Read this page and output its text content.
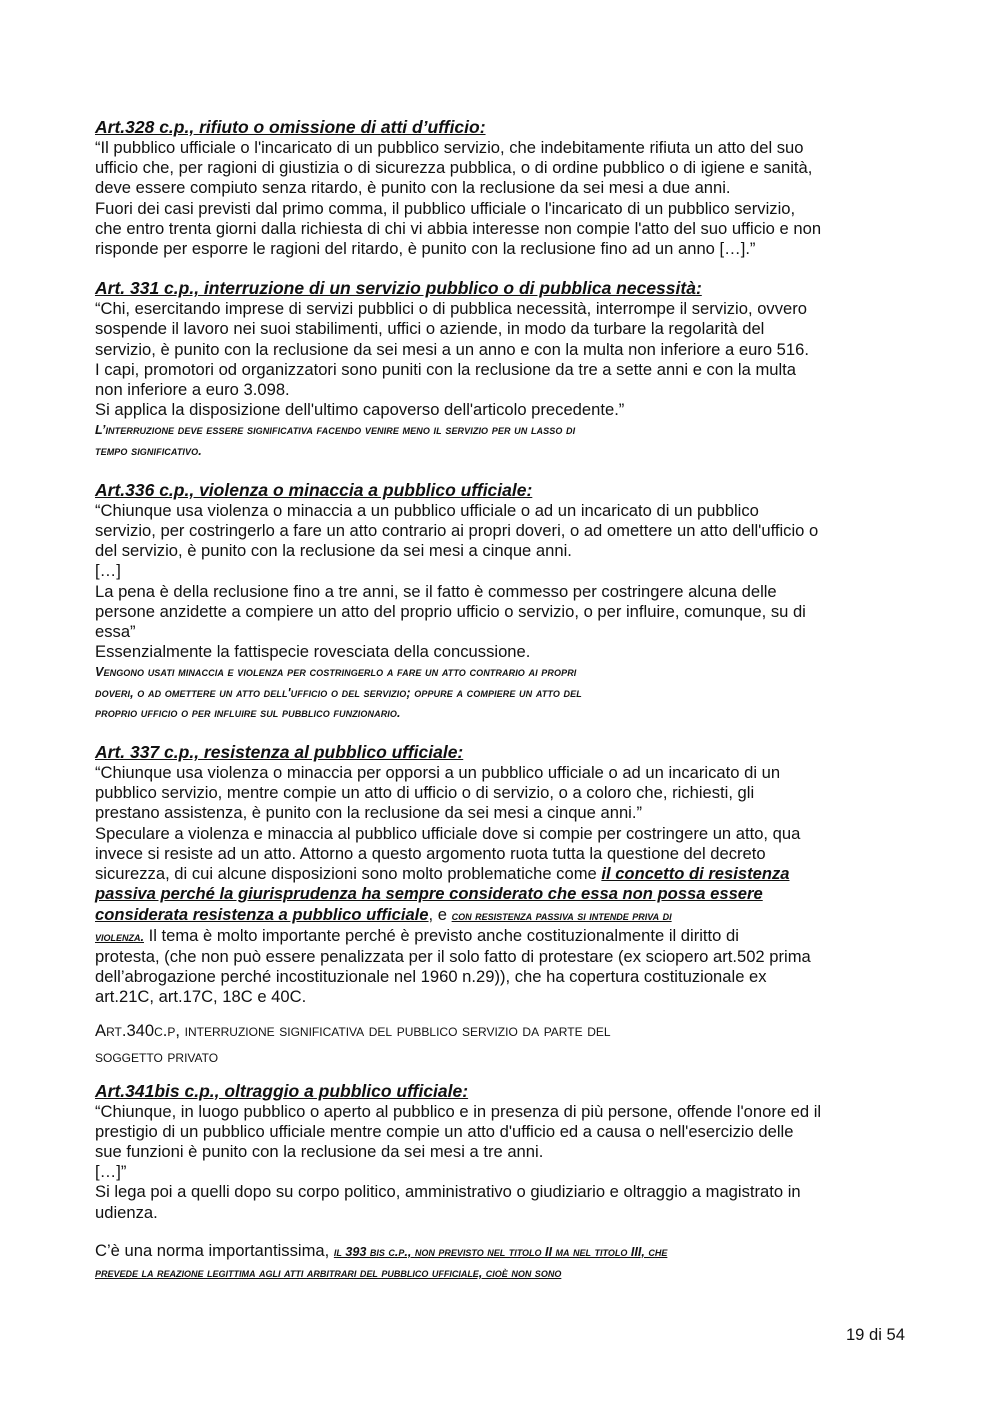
Art.328 c.p., rifiuto o omissione di atti d’ufficio:
“Il pubblico ufficiale o l'incaricato di un pubblico servizio, che indebitamente rifiuta un atto del suo
ufficio che, per ragioni di giustizia o di sicurezza pubblica, o di ordine pubblico o di igiene e sanità,
deve essere compiuto senza ritardo, è punito con la reclusione da sei mesi a due anni.
Fuori dei casi previsti dal primo comma, il pubblico ufficiale o l'incaricato di un pubblico servizio,
che entro trenta giorni dalla richiesta di chi vi abbia interesse non compie l'atto del suo ufficio e non
risponde per esporre le ragioni del ritardo, è punito con la reclusione fino ad un anno […].”
Art. 331 c.p., interruzione di un servizio pubblico o di pubblica necessità:
“Chi, esercitando imprese di servizi pubblici o di pubblica necessità, interrompe il servizio, ovvero
sospende il lavoro nei suoi stabilimenti, uffici o aziende, in modo da turbare la regolarità del
servizio, è punito con la reclusione da sei mesi a un anno e con la multa non inferiore a euro 516.
I capi, promotori od organizzatori sono puniti con la reclusione da tre a sette anni e con la multa
non inferiore a euro 3.098.
Si applica la disposizione dell'ultimo capoverso dell'articolo precedente.”
L’interruzione deve essere significativa facendo venire meno il servizio per un lasso di
tempo significativo.
Art.336 c.p., violenza o minaccia a pubblico ufficiale:
“Chiunque usa violenza o minaccia a un pubblico ufficiale o ad un incaricato di un pubblico
servizio, per costringerlo a fare un atto contrario ai propri doveri, o ad omettere un atto dell'ufficio o
del servizio, è punito con la reclusione da sei mesi a cinque anni.
[…]
La pena è della reclusione fino a tre anni, se il fatto è commesso per costringere alcuna delle
persone anzidette a compiere un atto del proprio ufficio o servizio, o per influire, comunque, su di
essa”
Essenzialmente la fattispecie rovesciata della concussione.
Vengono usati minaccia e violenza per costringerlo a fare un atto contrario ai propri
doveri, o ad omettere un atto dell'ufficio o del servizio; oppure a compiere un atto del
proprio ufficio o per influire sul pubblico funzionario.
Art. 337 c.p., resistenza al pubblico ufficiale:
“Chiunque usa violenza o minaccia per opporsi a un pubblico ufficiale o ad un incaricato di un
pubblico servizio, mentre compie un atto di ufficio o di servizio, o a coloro che, richiesti, gli
prestano assistenza, è punito con la reclusione da sei mesi a cinque anni.”
Speculare a violenza e minaccia al pubblico ufficiale dove si compie per costringere un atto, qua
invece si resiste ad un atto. Attorno a questo argomento ruota tutta la questione del decreto
sicurezza, di cui alcune disposizioni sono molto problematiche come il concetto di resistenza
passiva perché la giurisprudenza ha sempre considerato che essa non possa essere
considerata resistenza a pubblico ufficiale, e con resistenza passiva si intende priva di
violenza. Il tema è molto importante perché è previsto anche costituzionalmente il diritto di
protesta, (che non può essere penalizzata per il solo fatto di protestare (ex sciopero art.502 prima
dell’abrogazione perché incostituzionale nel 1960 n.29)), che ha copertura costituzionale ex
art.21C, art.17C, 18C e 40C.
Art.340c.p, interruzione significativa del pubblico servizio da parte del
soggetto privato
Art.341bis c.p., oltraggio a pubblico ufficiale:
“Chiunque, in luogo pubblico o aperto al pubblico e in presenza di più persone, offende l'onore ed il
prestigio di un pubblico ufficiale mentre compie un atto d'ufficio ed a causa o nell'esercizio delle
sue funzioni è punito con la reclusione da sei mesi a tre anni.
[…]”
Si lega poi a quelli dopo su corpo politico, amministrativo o giudiziario e oltraggio a magistrato in
udienza.
C’è una norma importantissima, il 393 bis c.p., non previsto nel titolo II ma nel titolo III, che
prevede la reazione legittima agli atti arbitrari del pubblico ufficiale, cioè non sono
19 di 54
